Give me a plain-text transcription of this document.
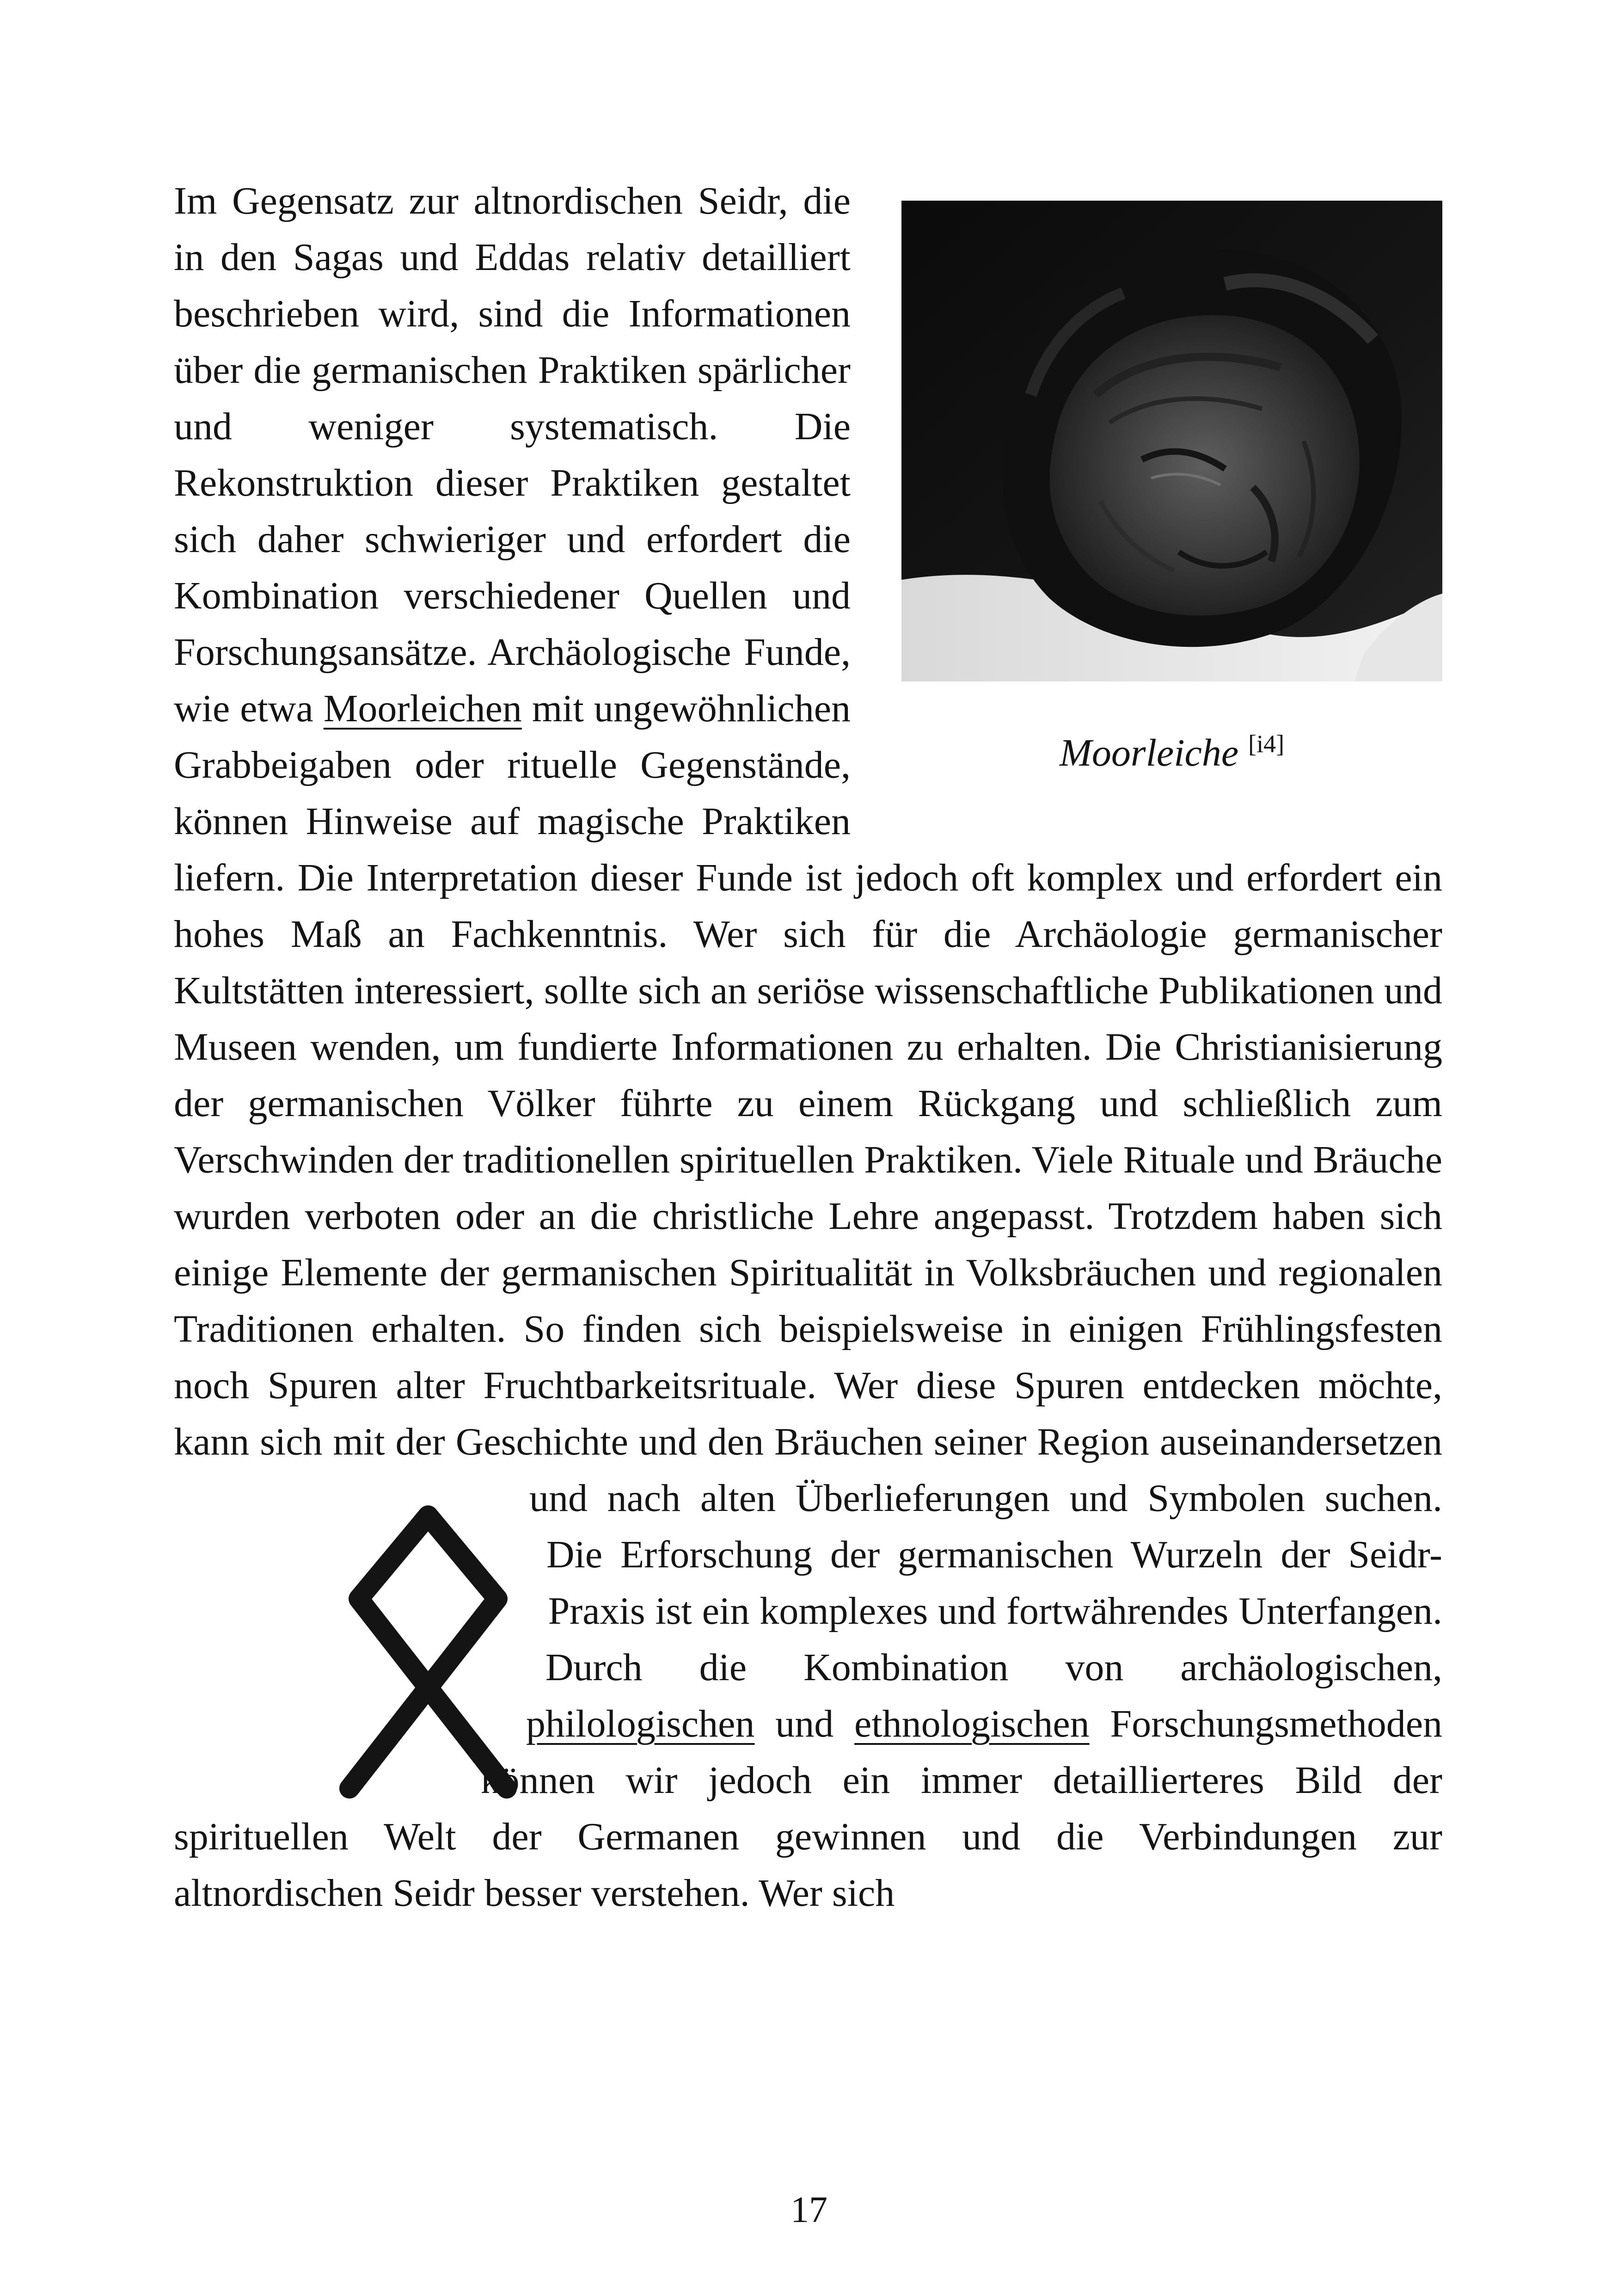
Moorleiche [i4]
Im Gegensatz zur altnordischen Seidr, die in den Sagas und Eddas relativ detailliert beschrieben wird, sind die Informationen über die germanischen Praktiken spärlicher und weniger systematisch. Die Rekonstruktion dieser Praktiken gestaltet sich daher schwieriger und erfordert die Kombination verschiedener Quellen und Forschungsansätze. Archäologische Funde, wie etwa Moorleichen mit ungewöhnlichen Grabbeigaben oder rituelle Gegenstände, können Hinweise auf magische Praktiken liefern. Die Interpretation dieser Funde ist jedoch oft komplex und erfordert ein hohes Maß an Fachkenntnis. Wer sich für die Archäologie germanischer Kultstätten interessiert, sollte sich an seriöse wissenschaftliche Publikationen und Museen wenden, um fundierte Informationen zu erhalten. Die Christianisierung der germanischen Völker führte zu einem Rückgang und schließlich zum Verschwinden der traditionellen spirituellen Praktiken. Viele Rituale und Bräuche wurden verboten oder an die christliche Lehre angepasst. Trotzdem haben sich einige Elemente der germanischen Spiritualität in Volksbräuchen und regionalen Traditionen erhalten. So finden sich beispielsweise in einigen Frühlingsfesten noch Spuren alter Fruchtbarkeitsrituale. Wer diese Spuren entdecken möchte, kann sich
mit der Geschichte und den Bräuchen seiner Region auseinandersetzen und nach alten Überlieferungen und Symbolen suchen. Die Erforschung der germanischen Wurzeln der Seidr-Praxis ist ein komplexes und fortwährendes Unterfangen. Durch die Kombination von archäologischen, philologischen und ethnologischen Forschungsmethoden können wir jedoch ein immer detaillierteres Bild der spirituellen Welt der Germanen gewinnen und die Verbindungen zur altnordischen Seidr besser verstehen. Wer sich
17
